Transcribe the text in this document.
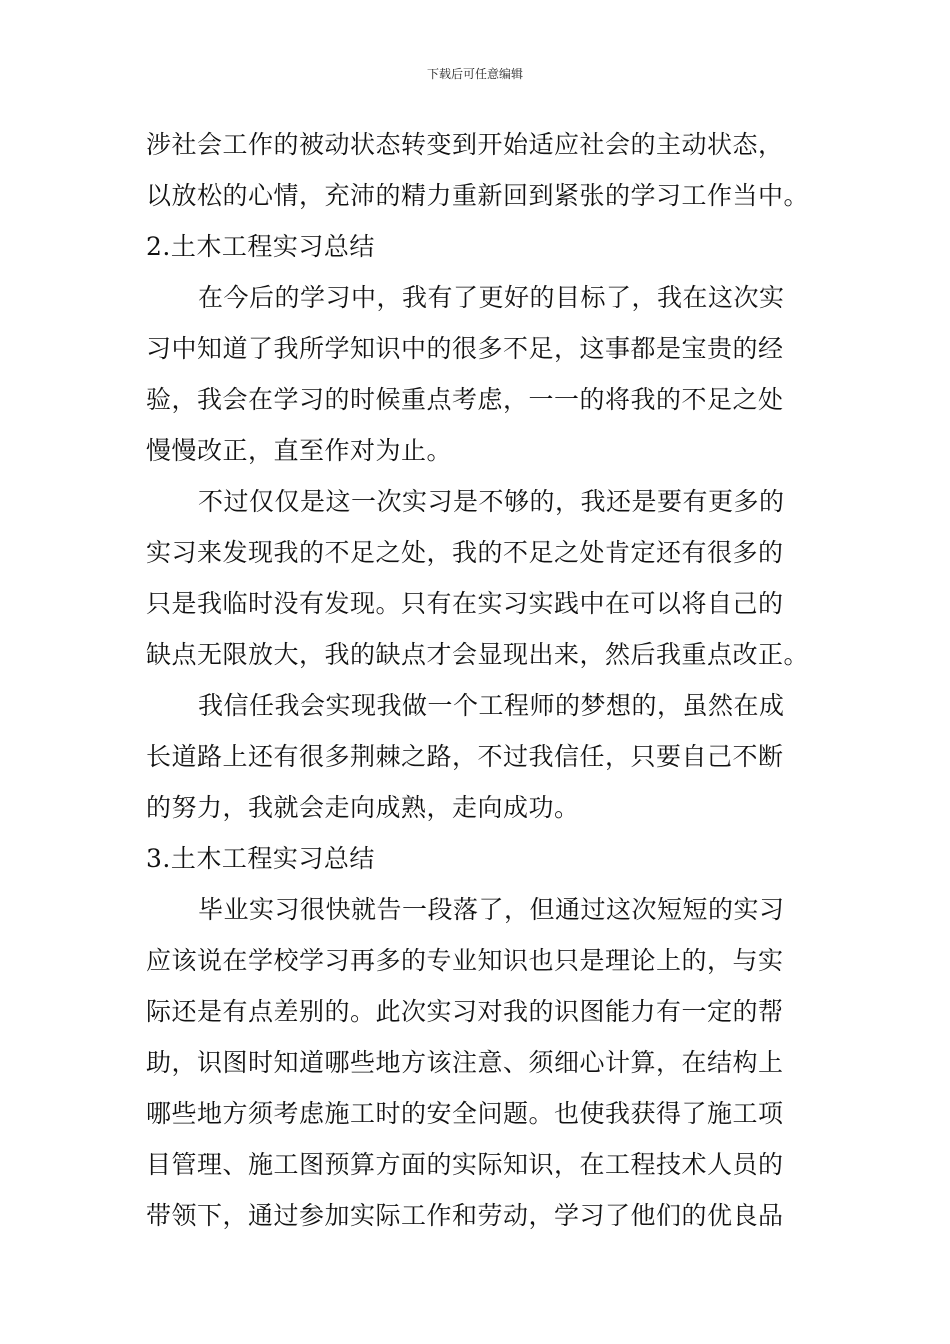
下载后可任意编辑
涉社会工作的被动状态转变到开始适应社会的主动状态，
以放松的心情，充沛的精力重新回到紧张的学习工作当中。
2.土木工程实习总结
在今后的学习中，我有了更好的目标了，我在这次实
习中知道了我所学知识中的很多不足，这事都是宝贵的经
验，我会在学习的时候重点考虑，一一的将我的不足之处
慢慢改正，直至作对为止。
不过仅仅是这一次实习是不够的，我还是要有更多的
实习来发现我的不足之处，我的不足之处肯定还有很多的
只是我临时没有发现。只有在实习实践中在可以将自己的
缺点无限放大，我的缺点才会显现出来，然后我重点改正。
我信任我会实现我做一个工程师的梦想的，虽然在成
长道路上还有很多荆棘之路，不过我信任，只要自己不断
的努力，我就会走向成熟，走向成功。
3.土木工程实习总结
毕业实习很快就告一段落了，但通过这次短短的实习
应该说在学校学习再多的专业知识也只是理论上的，与实
际还是有点差别的。此次实习对我的识图能力有一定的帮
助，识图时知道哪些地方该注意、须细心计算，在结构上
哪些地方须考虑施工时的安全问题。也使我获得了施工项
目管理、施工图预算方面的实际知识，在工程技术人员的
带领下，通过参加实际工作和劳动，学习了他们的优良品
